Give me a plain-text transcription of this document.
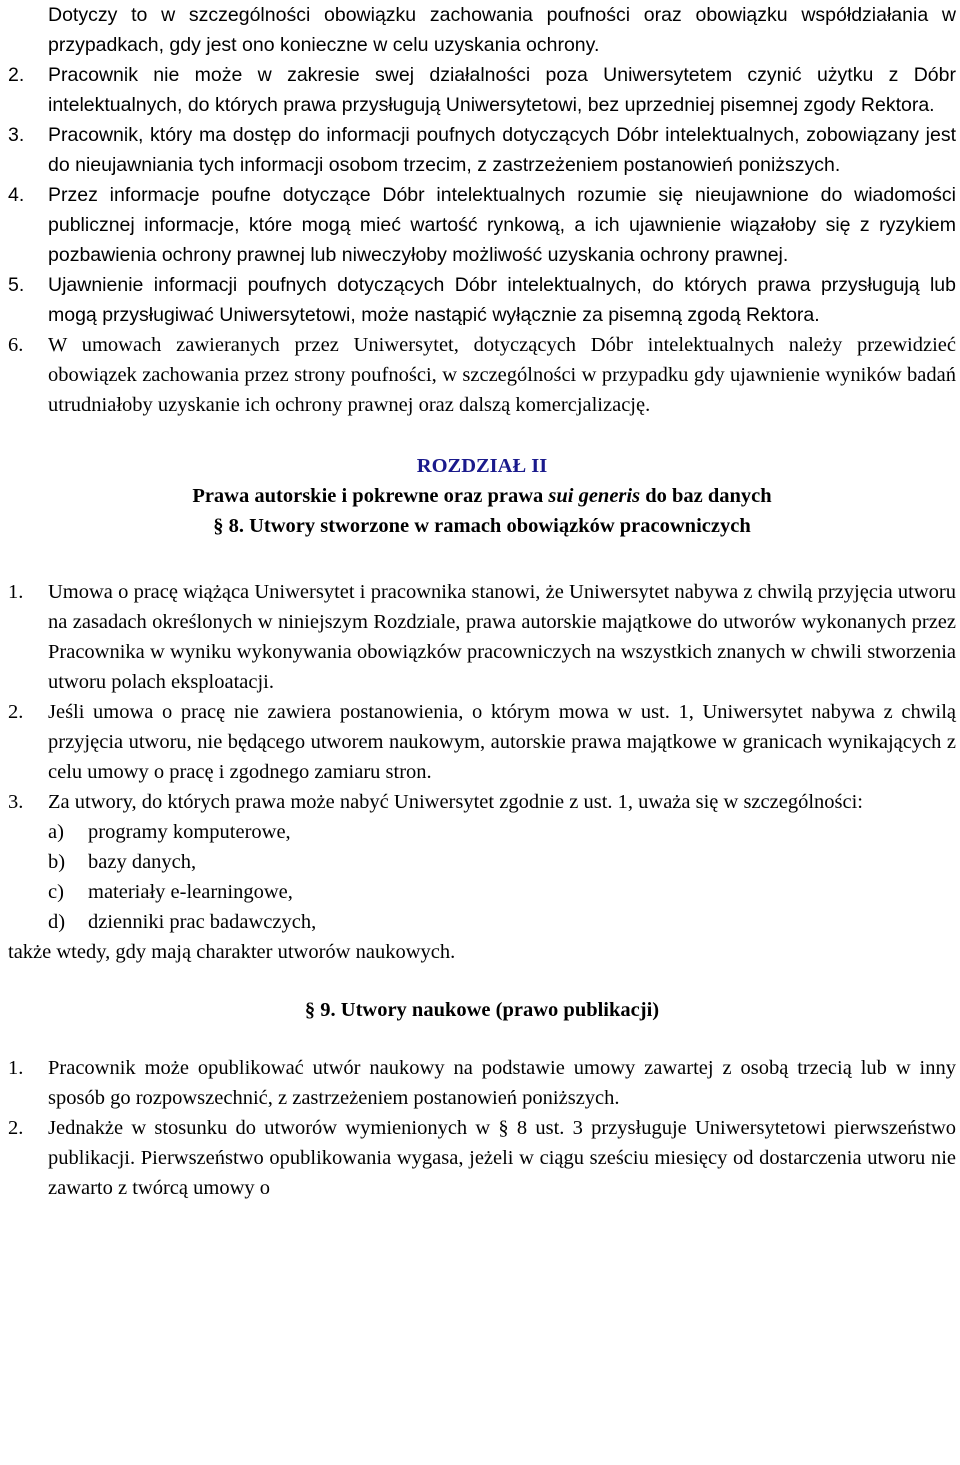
Dotyczy to w szczególności obowiązku zachowania poufności oraz obowiązku współdziałania w przypadkach, gdy jest ono konieczne w celu uzyskania ochrony.

2. Pracownik nie może w zakresie swej działalności poza Uniwersytetem czynić użytku z Dóbr intelektualnych, do których prawa przysługują Uniwersytetowi, bez uprzedniej pisemnej zgody Rektora.
3. Pracownik, który ma dostęp do informacji poufnych dotyczących Dóbr intelektualnych, zobowiązany jest do nieujawniania tych informacji osobom trzecim, z zastrzeżeniem postanowień poniższych.
4. Przez informacje poufne dotyczące Dóbr intelektualnych rozumie się nieujawnione do wiadomości publicznej informacje, które mogą mieć wartość rynkową, a ich ujawnienie wiązałoby się z ryzykiem pozbawienia ochrony prawnej lub niweczyłoby możliwość uzyskania ochrony prawnej.
5. Ujawnienie informacji poufnych dotyczących Dóbr intelektualnych, do których prawa przysługują lub mogą przysługiwać Uniwersytetowi, może nastąpić wyłącznie za pisemną zgodą Rektora.
6. W umowach zawieranych przez Uniwersytet, dotyczących Dóbr intelektualnych należy przewidzieć obowiązek zachowania przez strony poufności, w szczególności w przypadku gdy ujawnienie wyników badań utrudniałoby uzyskanie ich ochrony prawnej oraz dalszą komercjalizację.

ROZDZIAŁ II

Prawa autorskie i pokrewne oraz prawa sui generis do baz danych

§ 8. Utwory stworzone w ramach obowiązków pracowniczych

1. Umowa o pracę wiążąca Uniwersytet i pracownika stanowi, że Uniwersytet nabywa z chwilą przyjęcia utworu na zasadach określonych w niniejszym Rozdziale, prawa autorskie majątkowe do utworów wykonanych przez Pracownika w wyniku wykonywania obowiązków pracowniczych na wszystkich znanych w chwili stworzenia utworu polach eksploatacji.
2. Jeśli umowa o pracę nie zawiera postanowienia, o którym mowa w ust. 1, Uniwersytet nabywa z chwilą przyjęcia utworu, nie będącego utworem naukowym, autorskie prawa majątkowe w granicach wynikających z celu umowy o pracę i zgodnego zamiaru stron.
3. Za utwory, do których prawa może nabyć Uniwersytet zgodnie z ust. 1, uważa się w szczególności:
a) programy komputerowe,
b) bazy danych,
c) materiały e-learningowe,
d) dzienniki prac badawczych,

także wtedy, gdy mają charakter utworów naukowych.

§ 9. Utwory naukowe (prawo publikacji)

1. Pracownik może opublikować utwór naukowy na podstawie umowy zawartej z osobą trzecią lub w inny sposób go rozpowszechnić, z zastrzeżeniem postanowień poniższych.
2. Jednakże w stosunku do utworów wymienionych w § 8 ust. 3 przysługuje Uniwersytetowi pierwszeństwo publikacji. Pierwszeństwo opublikowania wygasa, jeżeli w ciągu sześciu miesięcy od dostarczenia utworu nie zawarto z twórcą umowy o
